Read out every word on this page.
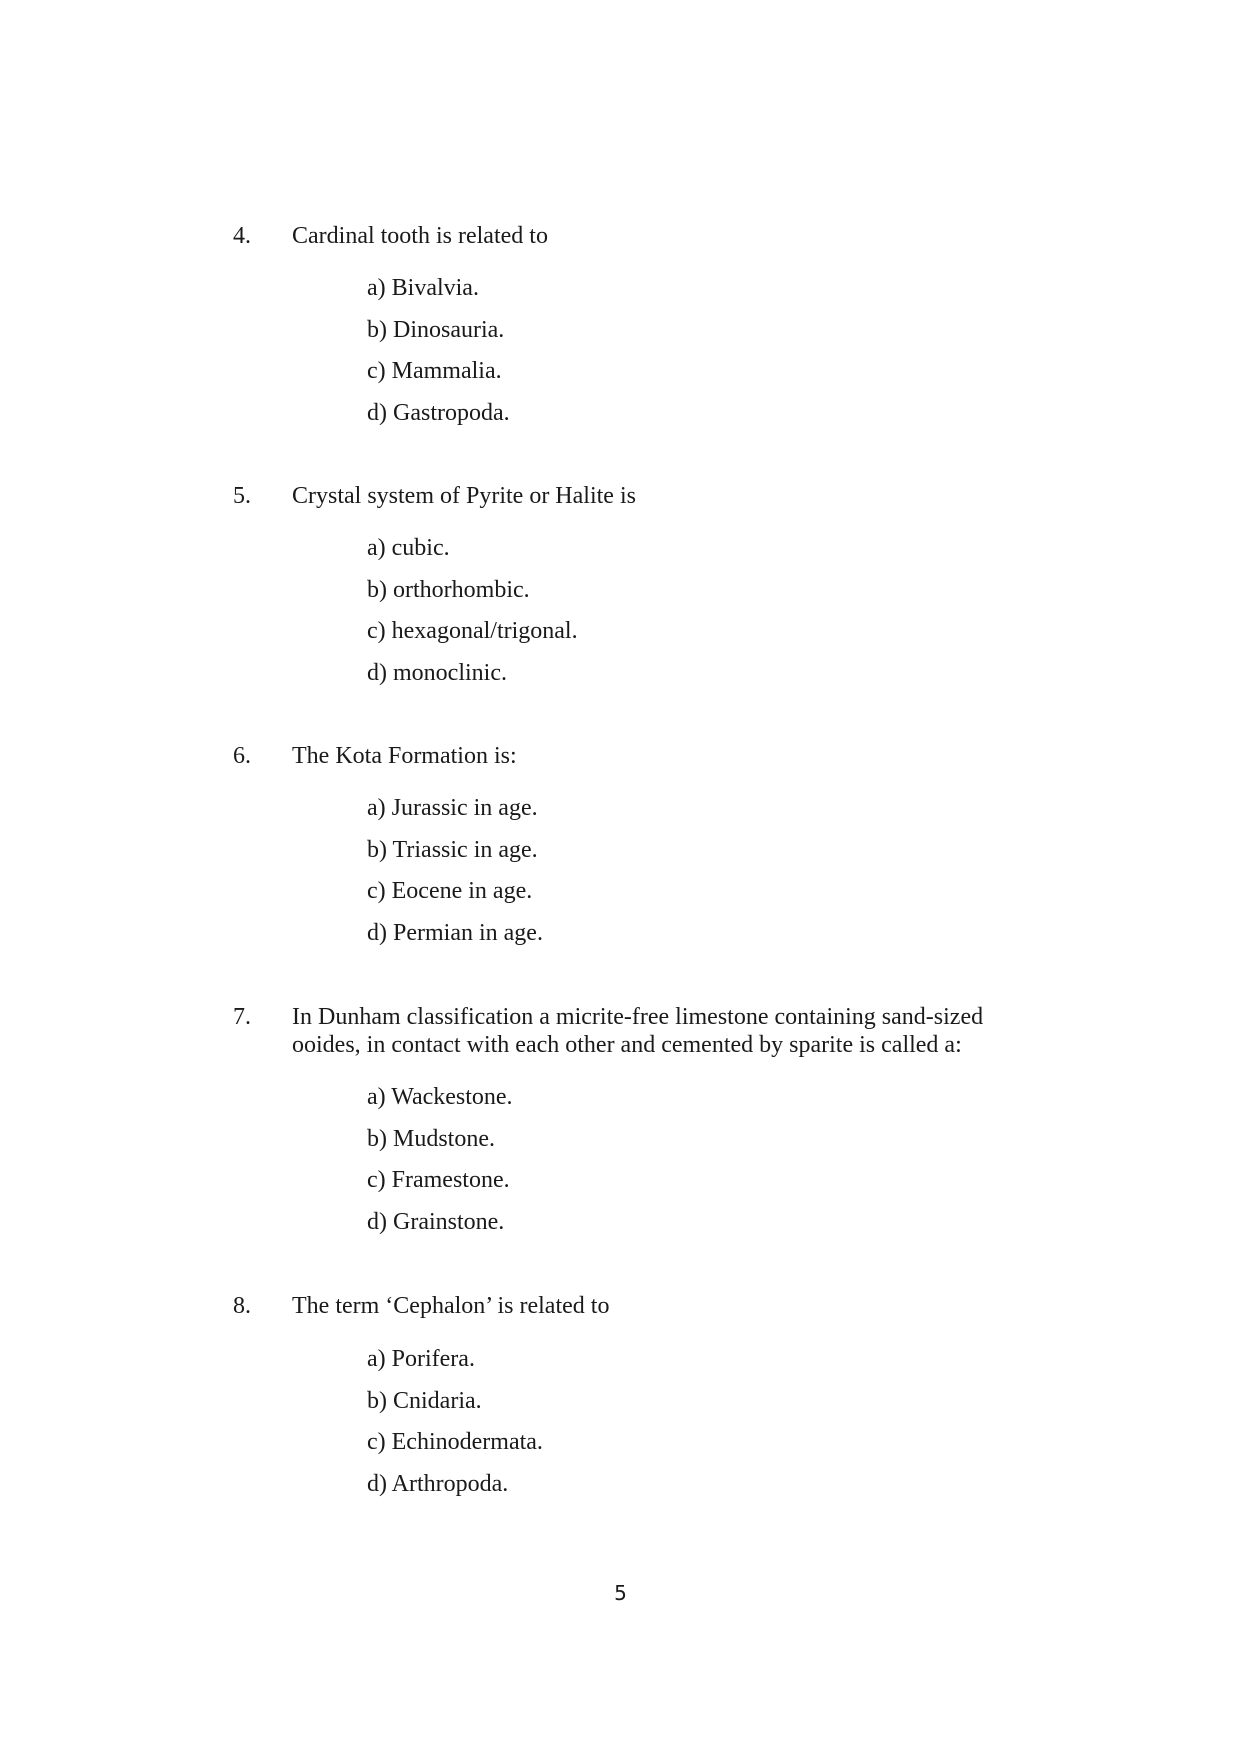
4. Cardinal tooth is related to
a) Bivalvia.
b) Dinosauria.
c) Mammalia.
d) Gastropoda.
5. Crystal system of Pyrite or Halite is
a) cubic.
b) orthorhombic.
c) hexagonal/trigonal.
d) monoclinic.
6. The Kota Formation is:
a) Jurassic in age.
b) Triassic in age.
c) Eocene in age.
d) Permian in age.
7. In Dunham classification a micrite-free limestone containing sand-sized ooides, in contact with each other and cemented by sparite is called a:
a) Wackestone.
b) Mudstone.
c) Framestone.
d) Grainstone.
8. The term ‘Cephalon’ is related to
a) Porifera.
b) Cnidaria.
c) Echinodermata.
d) Arthropoda.
5
